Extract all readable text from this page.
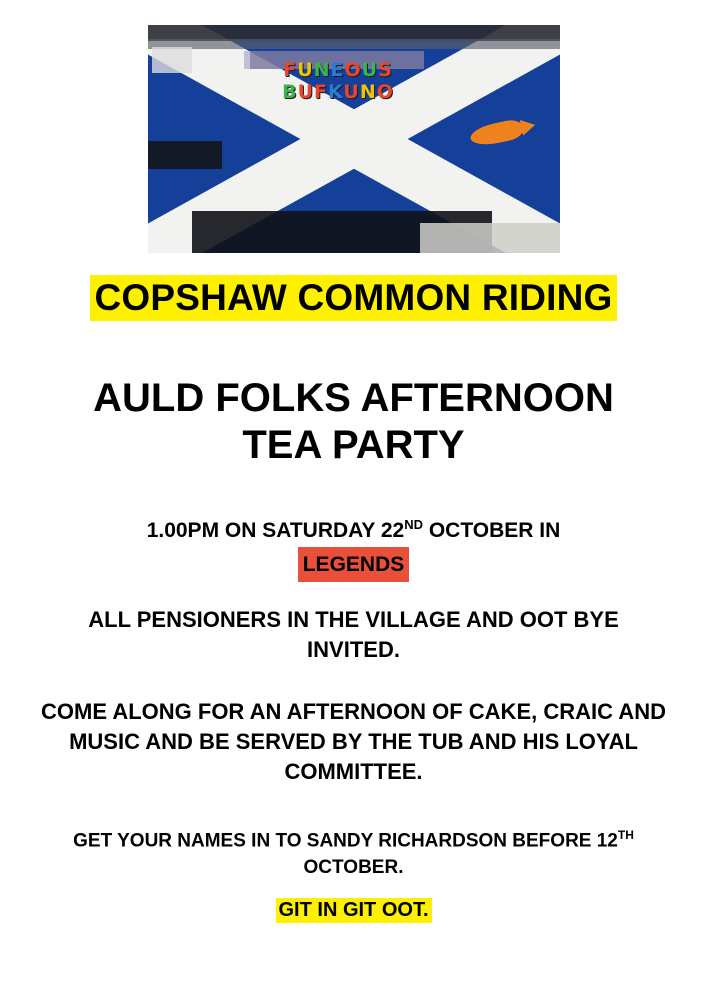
FUNEOUS
BUFKUNO
COPSHAW COMMON RIDING
AULD FOLKS AFTERNOON
TEA PARTY
1.00PM ON SATURDAY 22ND OCTOBER IN
LEGENDS
ALL PENSIONERS IN THE VILLAGE AND OOT BYE INVITED.
COME ALONG FOR AN AFTERNOON OF CAKE, CRAIC AND MUSIC AND BE SERVED BY THE TUB AND HIS LOYAL COMMITTEE.
GET YOUR NAMES IN TO SANDY RICHARDSON BEFORE 12TH OCTOBER.
GIT IN GIT OOT.
